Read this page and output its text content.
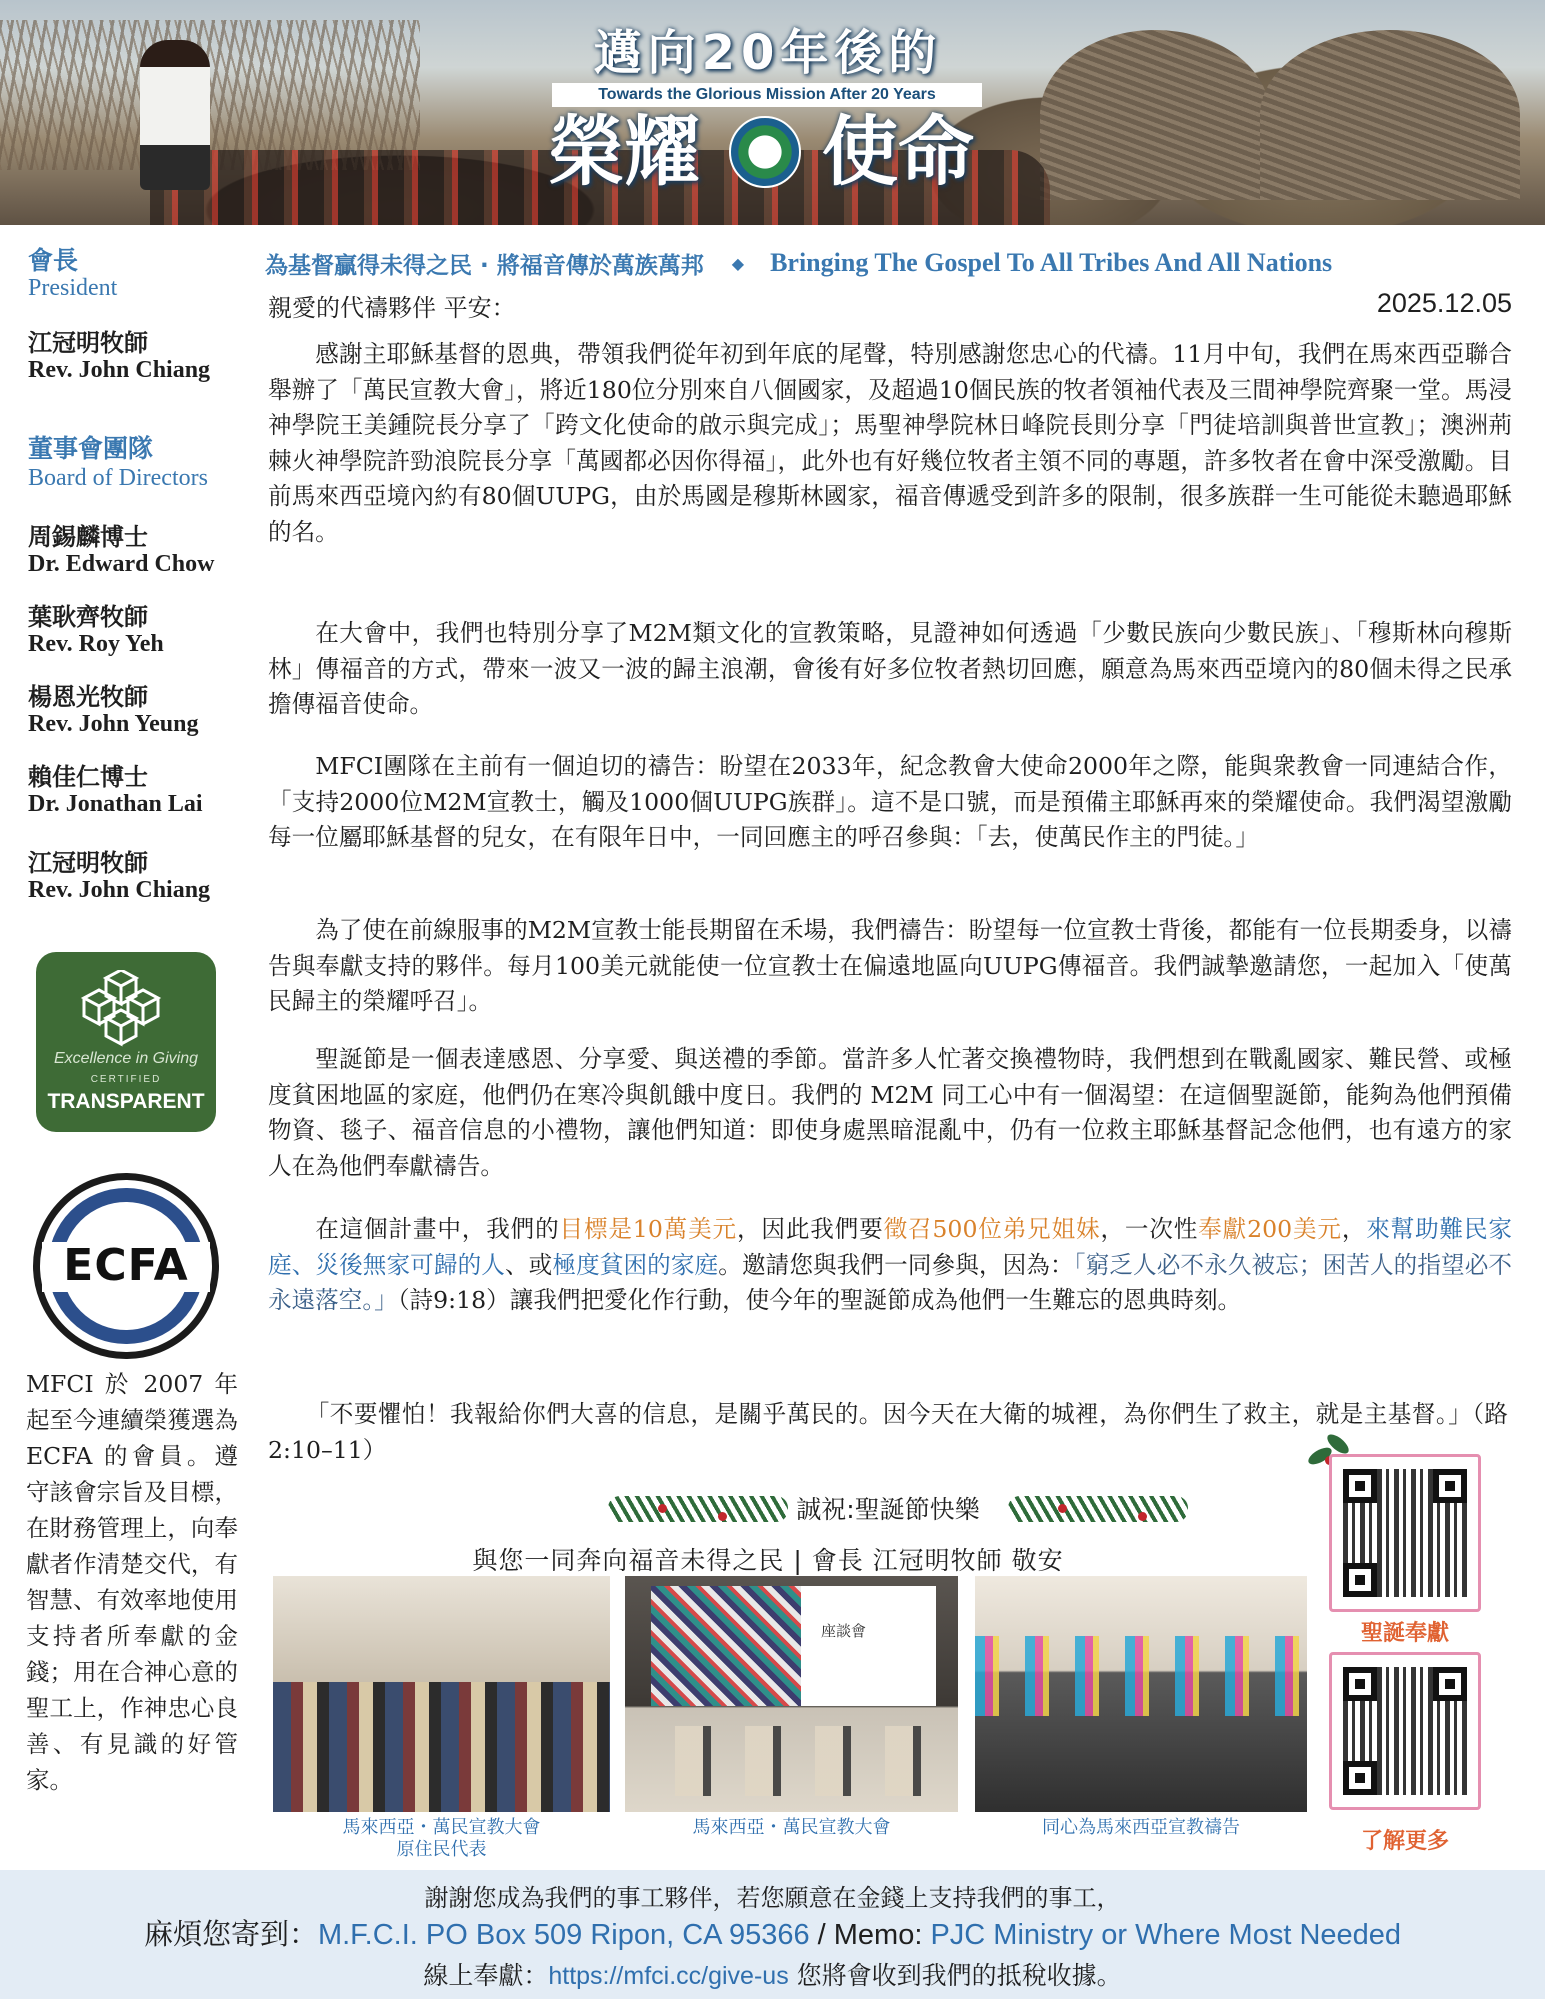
邁向20年後的
Towards the Glorious Mission After 20 Years
榮耀 使命
會長
President
江冠明牧師
Rev. John Chiang
董事會團隊
Board of Directors
周錫麟博士
Dr. Edward Chow
葉耿齊牧師
Rev. Roy Yeh
楊恩光牧師
Rev. John Yeung
賴佳仁博士
Dr. Jonathan Lai
江冠明牧師
Rev. John Chiang
Excellence in Giving
CERTIFIED
TRANSPARENT
ECFA
MFCI 於 2007 年起至今連續榮獲選為 ECFA 的會員。遵守該會宗旨及目標，在財務管理上，向奉獻者作清楚交代，有智慧、有效率地使用支持者所奉獻的金錢；用在合神心意的聖工上，作神忠心良善、有見識的好管家。
為基督贏得未得之民 · 將福音傳於萬族萬邦 ◆ Bringing The Gospel To All Tribes And All Nations
親愛的代禱夥伴 平安：	2025.12.05
感謝主耶穌基督的恩典，帶領我們從年初到年底的尾聲，特別感謝您忠心的代禱。11月中旬，我們在馬來西亞聯合舉辦了「萬民宣教大會」，將近180位分別來自八個國家，及超過10個民族的牧者領袖代表及三間神學院齊聚一堂。馬浸神學院王美鍾院長分享了「跨文化使命的啟示與完成」；馬聖神學院林日峰院長則分享「門徒培訓與普世宣教」；澳洲荊棘火神學院許勁浪院長分享「萬國都必因你得福」，此外也有好幾位牧者主領不同的專題，許多牧者在會中深受激勵。目前馬來西亞境內約有80個UUPG，由於馬國是穆斯林國家，福音傳遞受到許多的限制，很多族群一生可能從未聽過耶穌的名。
在大會中，我們也特別分享了M2M類文化的宣教策略，見證神如何透過「少數民族向少數民族」、「穆斯林向穆斯林」傳福音的方式，帶來一波又一波的歸主浪潮，會後有好多位牧者熱切回應，願意為馬來西亞境內的80個未得之民承擔傳福音使命。
MFCI團隊在主前有一個迫切的禱告：盼望在2033年，紀念教會大使命2000年之際，能與衆教會一同連結合作，「支持2000位M2M宣教士，觸及1000個UUPG族群」。這不是口號，而是預備主耶穌再來的榮耀使命。我們渴望激勵每一位屬耶穌基督的兒女，在有限年日中，一同回應主的呼召參與：「去，使萬民作主的門徒。」
為了使在前線服事的M2M宣教士能長期留在禾場，我們禱告：盼望每一位宣教士背後，都能有一位長期委身，以禱告與奉獻支持的夥伴。每月100美元就能使一位宣教士在偏遠地區向UUPG傳福音。我們誠摯邀請您，一起加入「使萬民歸主的榮耀呼召」。
聖誕節是一個表達感恩、分享愛、與送禮的季節。當許多人忙著交換禮物時，我們想到在戰亂國家、難民營、或極度貧困地區的家庭，他們仍在寒冷與飢餓中度日。我們的 M2M 同工心中有一個渴望：在這個聖誕節，能夠為他們預備物資、毯子、福音信息的小禮物，讓他們知道：即使身處黑暗混亂中，仍有一位救主耶穌基督記念他們，也有遠方的家人在為他們奉獻禱告。
在這個計畫中，我們的目標是10萬美元，因此我們要徵召500位弟兄姐妹，一次性奉獻200美元，來幫助難民家庭、災後無家可歸的人、或極度貧困的家庭。邀請您與我們一同參與，因為：「窮乏人必不永久被忘；困苦人的指望必不永遠落空。」（詩9:18）讓我們把愛化作行動，使今年的聖誕節成為他們一生難忘的恩典時刻。
「不要懼怕！我報給你們大喜的信息，是關乎萬民的。因今天在大衛的城裡，為你們生了救主，就是主基督。」（路2:10–11）
誠祝:聖誕節快樂
與您一同奔向福音未得之民 | 會長 江冠明牧師 敬安
座談會
馬來西亞・萬民宣教大會
原住民代表
馬來西亞・萬民宣教大會	同心為馬來西亞宣教禱告
聖誕奉獻
了解更多
謝謝您成為我們的事工夥伴，若您願意在金錢上支持我們的事工，
麻煩您寄到：M.F.C.I. PO Box 509 Ripon, CA 95366 / Memo: PJC Ministry or Where Most Needed
線上奉獻：https://mfci.cc/give-us 您將會收到我們的抵稅收據。
